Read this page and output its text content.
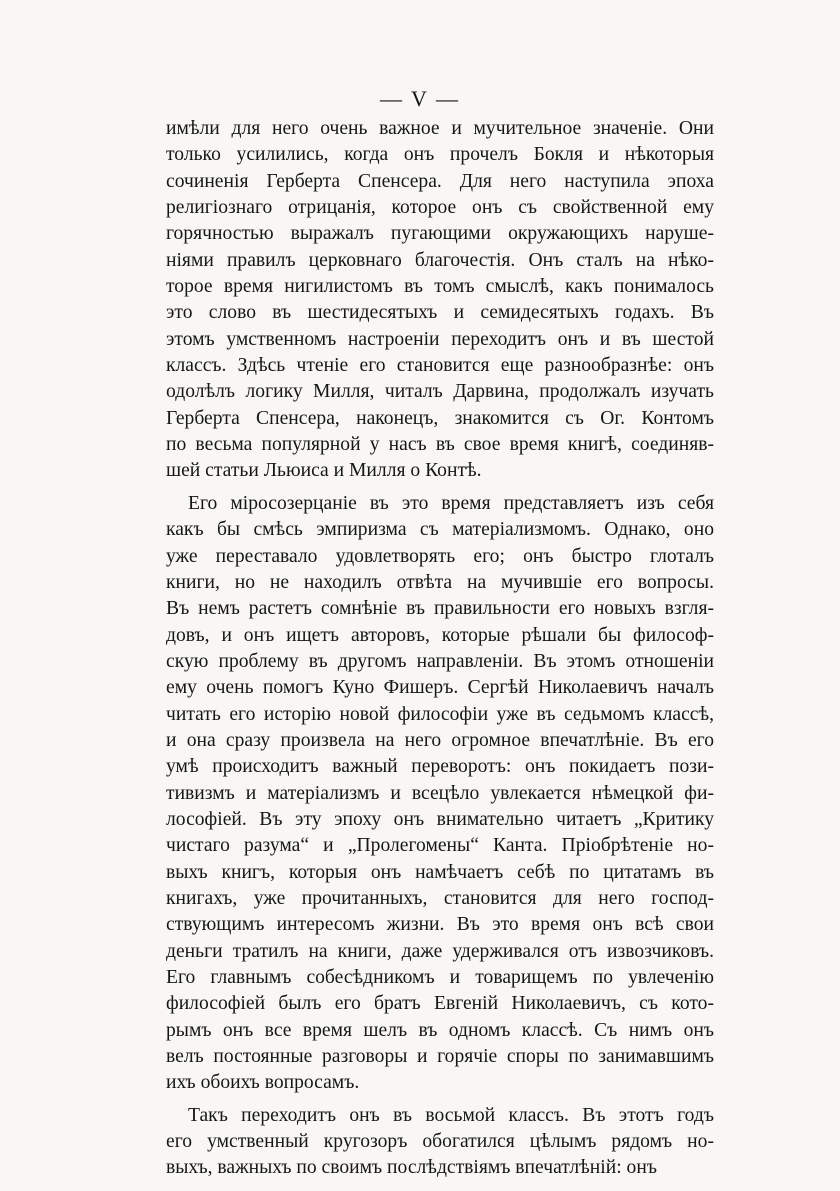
— V —
имѣли для него очень важное и мучительное значенiе. Они
только усилились, когда онъ прочелъ Бокля и нѣкоторыя
сочиненiя Герберта Спенсера. Для него наступила эпоха
религiознаго отрицанiя, которое онъ съ свойственной ему
горячностью выражалъ пугающими окружающихъ наруше-
нiями правилъ церковнаго благочестiя. Онъ сталъ на нѣко-
торое время нигилистомъ въ томъ смыслѣ, какъ понималось
это слово въ шестидесятыхъ и семидесятыхъ годахъ. Въ
этомъ умственномъ настроенiи переходитъ онъ и въ шестой
классъ. Здѣсь чтенiе его становится еще разнообразнѣе: онъ
одолѣлъ логику Милля, читалъ Дарвина, продолжалъ изучать
Герберта Спенсера, наконецъ, знакомится съ Ог. Контомъ
по весьма популярной у насъ въ свое время книгѣ, соединяв-
шей статьи Льюиса и Милля о Контѣ.
Его мiросозерцанiе въ это время представляетъ изъ себя
какъ бы смѣсь эмпиризма съ матерiализмомъ. Однако, оно
уже переставало удовлетворять его; онъ быстро глоталъ
книги, но не находилъ отвѣта на мучившiе его вопросы.
Въ немъ растетъ сомнѣнiе въ правильности его новыхъ взгля-
довъ, и онъ ищетъ авторовъ, которые рѣшали бы философ-
скую проблему въ другомъ направленiи. Въ этомъ отношенiи
ему очень помогъ Куно Фишеръ. Сергѣй Николаевичъ началъ
читать его исторiю новой философiи уже въ седьмомъ классѣ,
и она сразу произвела на него огромное впечатлѣнiе. Въ его
умѣ происходитъ важный переворотъ: онъ покидаетъ пози-
тивизмъ и матерiализмъ и всецѣло увлекается нѣмецкой фи-
лософiей. Въ эту эпоху онъ внимательно читаетъ „Критику
чистаго разума“ и „Пролегомены“ Канта. Прiобрѣтенiе но-
выхъ книгъ, которыя онъ намѣчаетъ себѣ по цитатамъ въ
книгахъ, уже прочитанныхъ, становится для него господ-
ствующимъ интересомъ жизни. Въ это время онъ всѣ свои
деньги тратилъ на книги, даже удерживался отъ извозчиковъ.
Его главнымъ собесѣдникомъ и товарищемъ по увлеченiю
философiей былъ его братъ Евгенiй Николаевичъ, съ кото-
рымъ онъ все время шелъ въ одномъ классѣ. Съ нимъ онъ
велъ постоянные разговоры и горячiе споры по занимавшимъ
ихъ обоихъ вопросамъ.
Такъ переходитъ онъ въ восьмой классъ. Въ этотъ годъ
его умственный кругозоръ обогатился цѣлымъ рядомъ но-
выхъ, важныхъ по своимъ послѣдствiямъ впечатлѣнiй: онъ
